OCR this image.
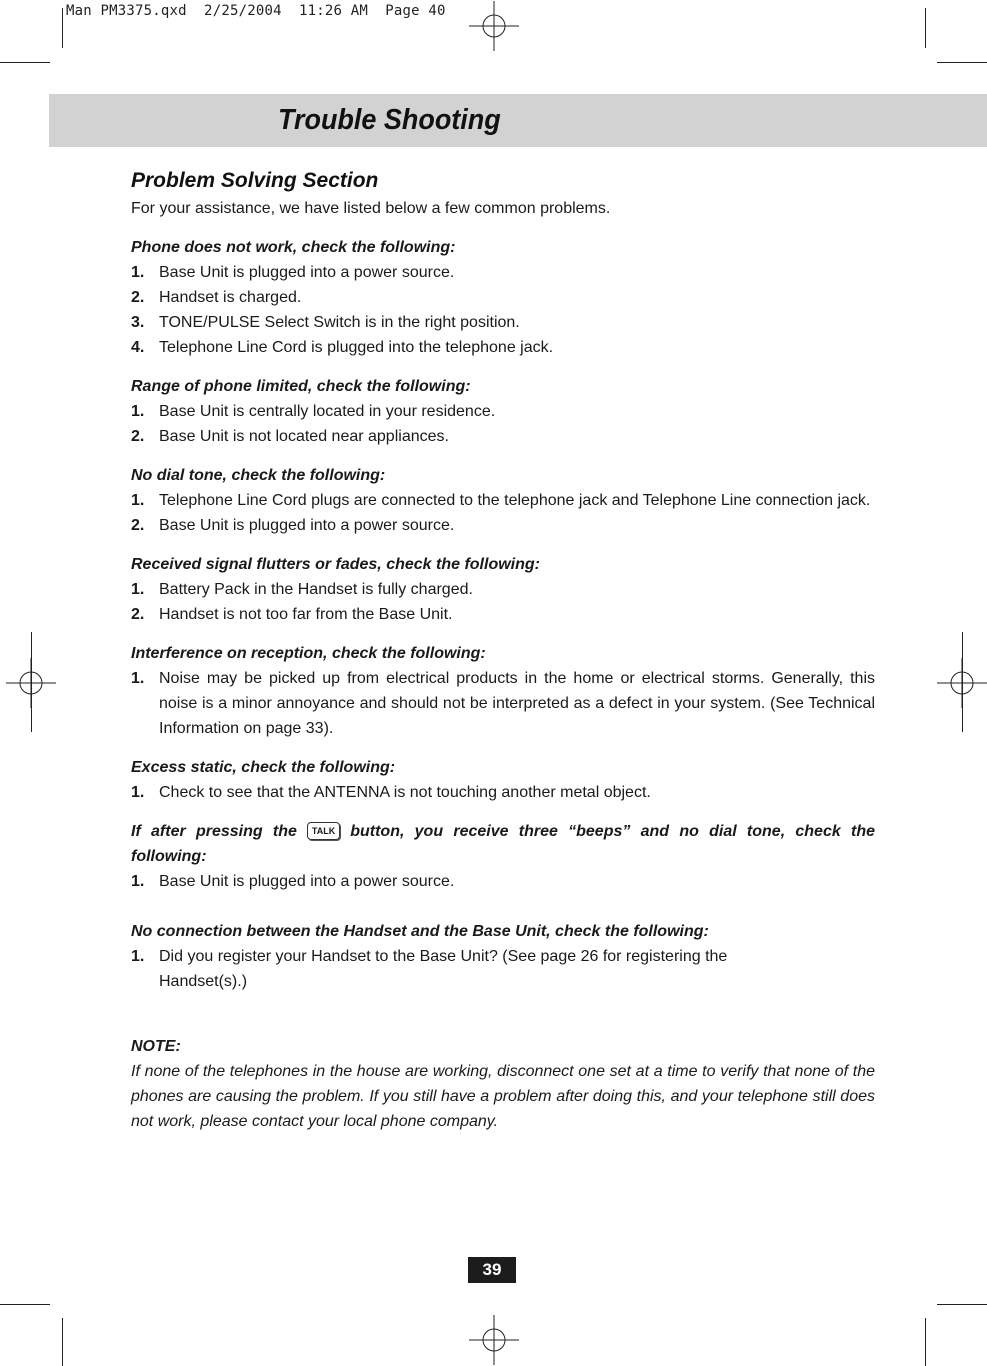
Man PM3375.qxd  2/25/2004  11:26 AM  Page 40
Trouble Shooting

Problem Solving Section

For your assistance, we have listed below a few common problems.

Phone does not work, check the following:

1. Base Unit is plugged into a power source.
2. Handset is charged.
3. TONE/PULSE Select Switch is in the right position.
4. Telephone Line Cord is plugged into the telephone jack.

Range of phone limited, check the following:

1. Base Unit is centrally located in your residence.
2. Base Unit is not located near appliances.

No dial tone, check the following:

1. Telephone Line Cord plugs are connected to the telephone jack and Telephone Line connection jack.
2. Base Unit is plugged into a power source.

Received signal flutters or fades, check the following:

1. Battery Pack in the Handset is fully charged.
2. Handset is not too far from the Base Unit.

Interference on reception, check the following:

1. Noise may be picked up from electrical products in the home or electrical storms. Generally, this noise is a minor annoyance and should not be interpreted as a defect in your system. (See Technical Information on page 33).

Excess static, check the following:

1. Check to see that the ANTENNA is not touching another metal object.

If after pressing the TALK button, you receive three “beeps” and no dial tone, check the following:

1. Base Unit is plugged into a power source.

No connection between the Handset and the Base Unit, check the following:

1. Did you register your Handset to the Base Unit? (See page 26 for registering the
Handset(s).)

NOTE:

If none of the telephones in the house are working, disconnect one set at a time to verify that none of the phones are causing the problem. If you still have a problem after doing this, and your telephone still does not work, please contact your local phone company.

39
